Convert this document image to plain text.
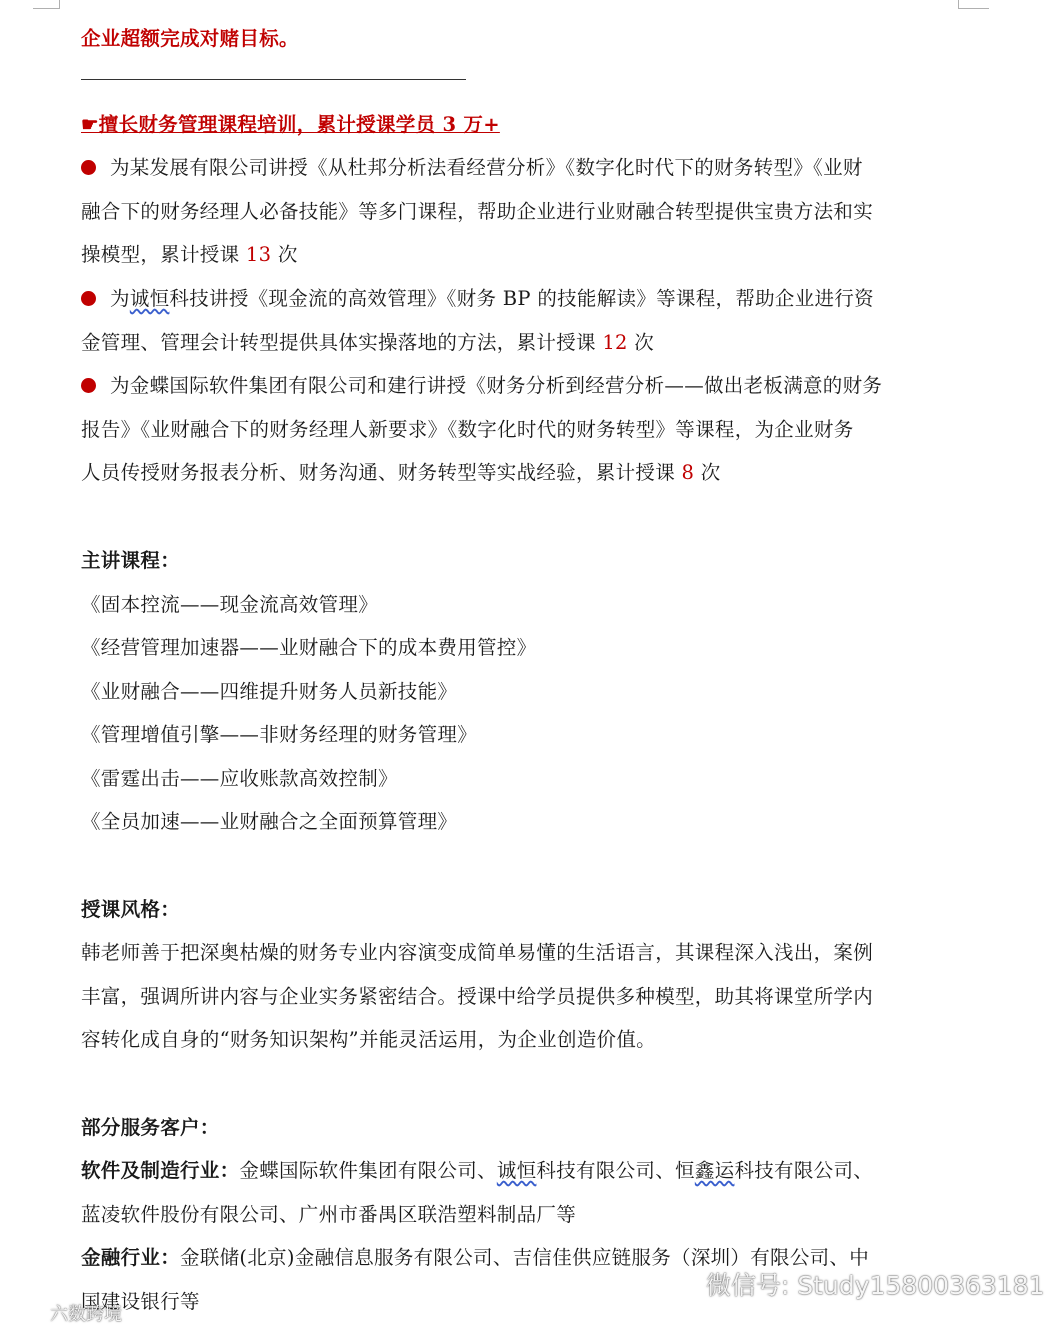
企业超额完成对赌目标。
☛擅长财务管理课程培训，累计授课学员 3 万+
为某发展有限公司讲授《从杜邦分析法看经营分析》《数字化时代下的财务转型》《业财
融合下的财务经理人必备技能》等多门课程，帮助企业进行业财融合转型提供宝贵方法和实
操模型，累计授课 13 次
为诚恒科技讲授《现金流的高效管理》《财务 BP 的技能解读》等课程，帮助企业进行资
金管理、管理会计转型提供具体实操落地的方法，累计授课 12 次
为金蝶国际软件集团有限公司和建行讲授《财务分析到经营分析——做出老板满意的财务
报告》《业财融合下的财务经理人新要求》《数字化时代的财务转型》等课程，为企业财务
人员传授财务报表分析、财务沟通、财务转型等实战经验，累计授课 8 次
主讲课程：
《固本控流——现金流高效管理》
《经营管理加速器——业财融合下的成本费用管控》
《业财融合——四维提升财务人员新技能》
《管理增值引擎——非财务经理的财务管理》
《雷霆出击——应收账款高效控制》
《全员加速——业财融合之全面预算管理》
授课风格：
韩老师善于把深奥枯燥的财务专业内容演变成简单易懂的生活语言，其课程深入浅出，案例
丰富，强调所讲内容与企业实务紧密结合。授课中给学员提供多种模型，助其将课堂所学内
容转化成自身的“财务知识架构”并能灵活运用，为企业创造价值。
部分服务客户：
软件及制造行业：金蝶国际软件集团有限公司、诚恒科技有限公司、恒鑫运科技有限公司、
蓝凌软件股份有限公司、广州市番禺区联浩塑料制品厂等
金融行业：金联储(北京)金融信息服务有限公司、吉信佳供应链服务（深圳）有限公司、中
国建设银行等
微信号: Study15800363181
六数跨境
